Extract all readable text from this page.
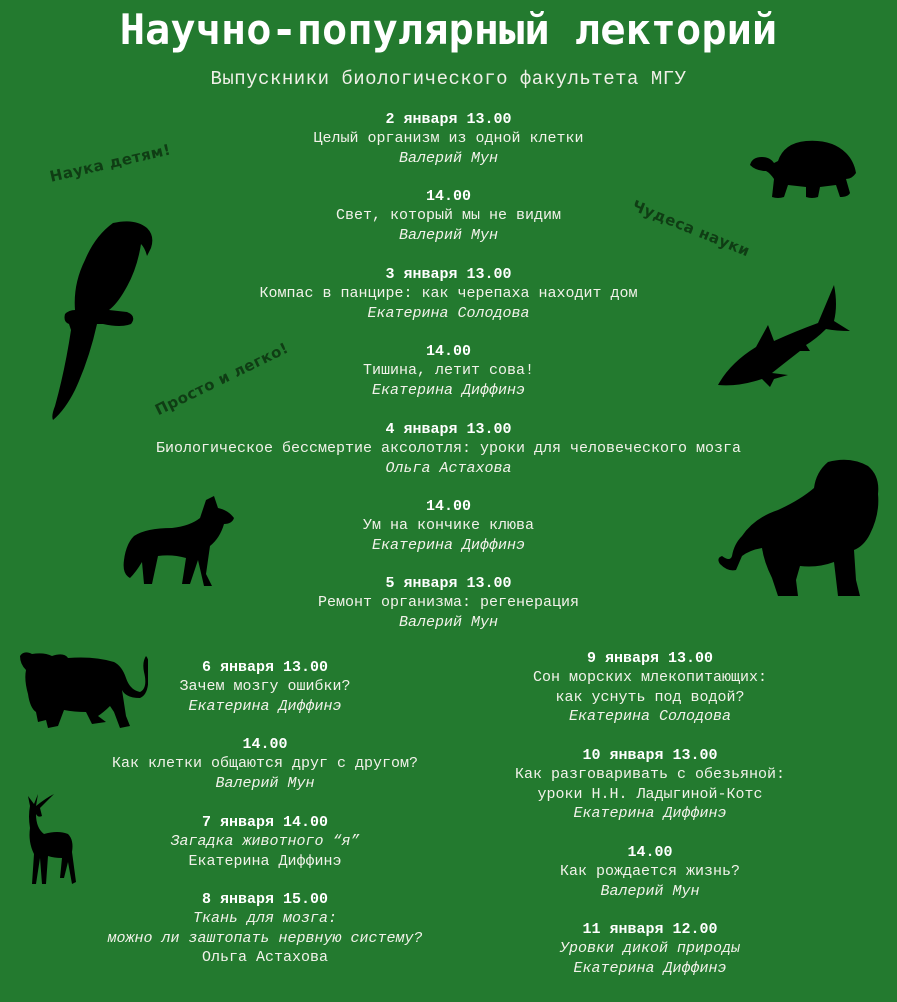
Научно-популярный лекторий
Выпускники биологического факультета МГУ
Наука детям!
Чудеса науки
Просто и легко!
2 января 13.00
Целый организм из одной клетки
Валерий Мун
14.00
Свет, который мы не видим
Валерий Мун
3 января 13.00
Компас в панцире: как черепаха находит дом
Екатерина Солодова
14.00
Тишина, летит сова!
Екатерина Диффинэ
4 января 13.00
Биологическое бессмертие аксолотля: уроки для человеческого мозга
Ольга Астахова
14.00
Ум на кончике клюва
Екатерина Диффинэ
5 января 13.00
Ремонт организма: регенерация
Валерий Мун
6 января 13.00
Зачем мозгу ошибки?
Екатерина Диффинэ
14.00
Как клетки общаются друг с другом?
Валерий Мун
7 января 14.00
Загадка животного “я”
Екатерина Диффинэ
8 января 15.00
Ткань для мозга:
можно ли заштопать нервную систему?
Ольга Астахова
9 января 13.00
Сон морских млекопитающих:
как уснуть под водой?
Екатерина Солодова
10 января 13.00
Как разговаривать с обезьяной:
уроки Н.Н. Ладыгиной-Котс
Екатерина Диффинэ
14.00
Как рождается жизнь?
Валерий Мун
11 января 12.00
Уровки дикой природы
Екатерина Диффинэ
